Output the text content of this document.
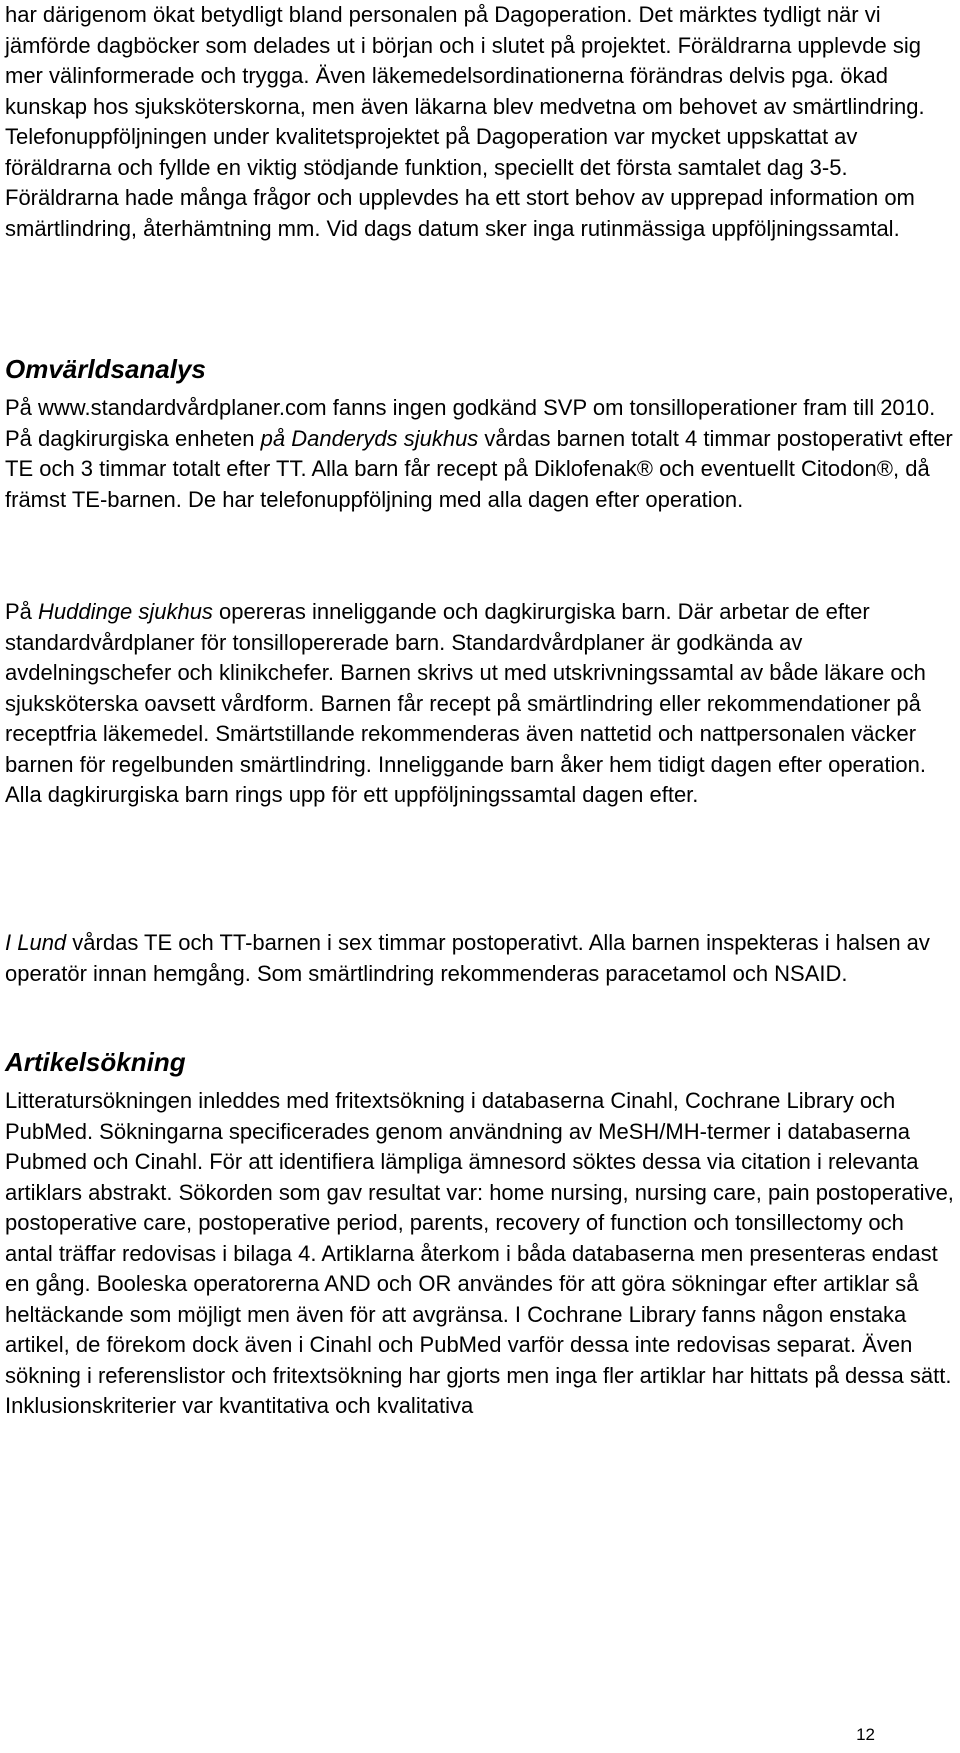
har därigenom ökat betydligt bland personalen på Dagoperation. Det märktes tydligt när vi jämförde dagböcker som delades ut i början och i slutet på projektet. Föräldrarna upplevde sig mer välinformerade och trygga. Även läkemedelsordinationerna förändras delvis pga. ökad kunskap hos sjuksköterskorna, men även läkarna blev medvetna om behovet av smärtlindring. Telefonuppföljningen under kvalitetsprojektet på Dagoperation var mycket uppskattat av föräldrarna och fyllde en viktig stödjande funktion, speciellt det första samtalet dag 3-5. Föräldrarna hade många frågor och upplevdes ha ett stort behov av upprepad information om smärtlindring, återhämtning mm. Vid dags datum sker inga rutinmässiga uppföljningssamtal.

Omvärldsanalys

På www.standardvårdplaner.com fanns ingen godkänd SVP om tonsilloperationer fram till 2010. På dagkirurgiska enheten på Danderyds sjukhus vårdas barnen totalt 4 timmar postoperativt efter TE och 3 timmar totalt efter TT. Alla barn får recept på Diklofenak® och eventuellt Citodon®, då främst TE-barnen. De har telefonuppföljning med alla dagen efter operation.

På Huddinge sjukhus opereras inneliggande och dagkirurgiska barn. Där arbetar de efter standardvårdplaner för tonsillopererade barn. Standardvårdplaner är godkända av avdelningschefer och klinikchefer. Barnen skrivs ut med utskrivningssamtal av både läkare och sjuksköterska oavsett vårdform. Barnen får recept på smärtlindring eller rekommendationer på receptfria läkemedel. Smärtstillande rekommenderas även nattetid och nattpersonalen väcker barnen för regelbunden smärtlindring. Inneliggande barn åker hem tidigt dagen efter operation. Alla dagkirurgiska barn rings upp för ett uppföljningssamtal dagen efter.

I Lund vårdas TE och TT-barnen i sex timmar postoperativt. Alla barnen inspekteras i halsen av operatör innan hemgång. Som smärtlindring rekommenderas paracetamol och NSAID.

Artikelsökning

Litteratursökningen inleddes med fritextsökning i databaserna Cinahl, Cochrane Library och PubMed. Sökningarna specificerades genom användning av MeSH/MH-termer i databaserna Pubmed och Cinahl. För att identifiera lämpliga ämnesord söktes dessa via citation i relevanta artiklars abstrakt. Sökorden som gav resultat var: home nursing, nursing care, pain postoperative, postoperative care, postoperative period, parents, recovery of function och tonsillectomy och antal träffar redovisas i bilaga 4. Artiklarna återkom i båda databaserna men presenteras endast en gång. Booleska operatorerna AND och OR användes för att göra sökningar efter artiklar så heltäckande som möjligt men även för att avgränsa. I Cochrane Library fanns någon enstaka artikel, de förekom dock även i Cinahl och PubMed varför dessa inte redovisas separat. Även sökning i referenslistor och fritextsökning har gjorts men inga fler artiklar har hittats på dessa sätt. Inklusionskriterier var kvantitativa och kvalitativa

12
